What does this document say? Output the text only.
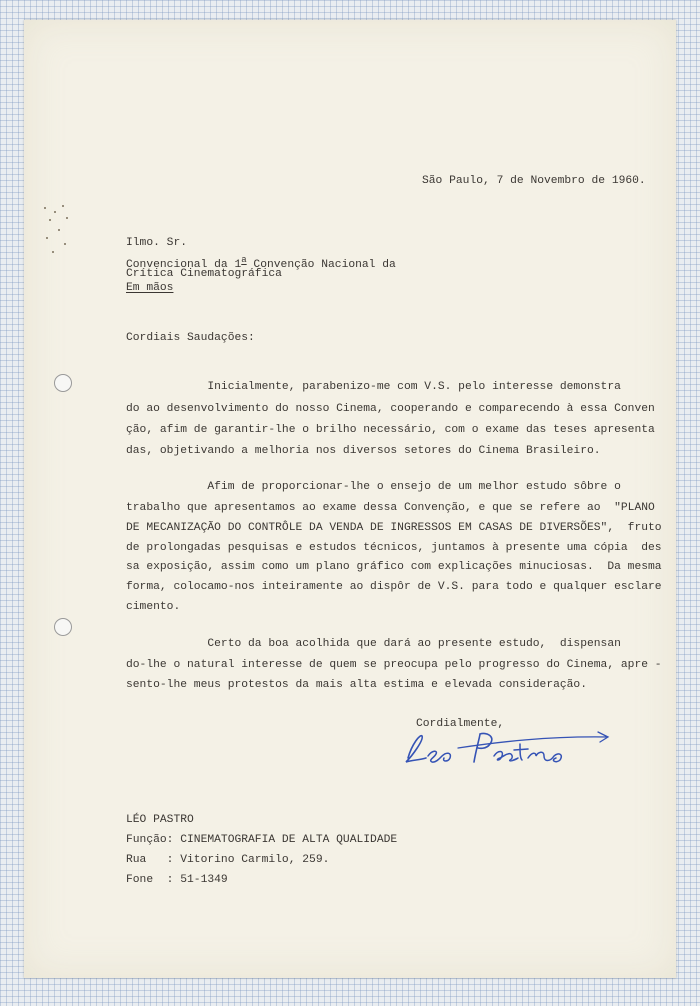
São Paulo, 7 de Novembro de 1960.
Ilmo. Sr.
Convencional da 1$^a$ Convenção Nacional da
Crítica Cinematográfica
Em mãos
Cordiais Saudações:
Inicialmente, parabenizo-me com V.S. pelo interesse demonstra
do ao desenvolvimento do nosso Cinema, cooperando e comparecendo à essa Conven
ção, afim de garantir-lhe o brilho necessário, com o exame das teses apresenta
das, objetivando a melhoria nos diversos setores do Cinema Brasileiro.
Afim de proporcionar-lhe o ensejo de um melhor estudo sôbre o
trabalho que apresentamos ao exame dessa Convenção, e que se refere ao  "PLANO
DE MECANIZAÇÃO DO CONTRÔLE DA VENDA DE INGRESSOS EM CASAS DE DIVERSÕES",  fruto
de prolongadas pesquisas e estudos técnicos, juntamos à presente uma cópia  des
sa exposição, assim como um plano gráfico com explicações minuciosas.  Da mesma
forma, colocamo-nos inteiramente ao dispôr de V.S. para todo e qualquer esclare
cimento.
Certo da boa acolhida que dará ao presente estudo,  dispensan
do-lhe o natural interesse de quem se preocupa pelo progresso do Cinema, apre -
sento-lhe meus protestos da mais alta estima e elevada consideração.
Cordialmente,
LÉO PASTRO
Função: CINEMATOGRAFIA DE ALTA QUALIDADE
Rua   : Vitorino Carmilo, 259.
Fone  : 51-1349
